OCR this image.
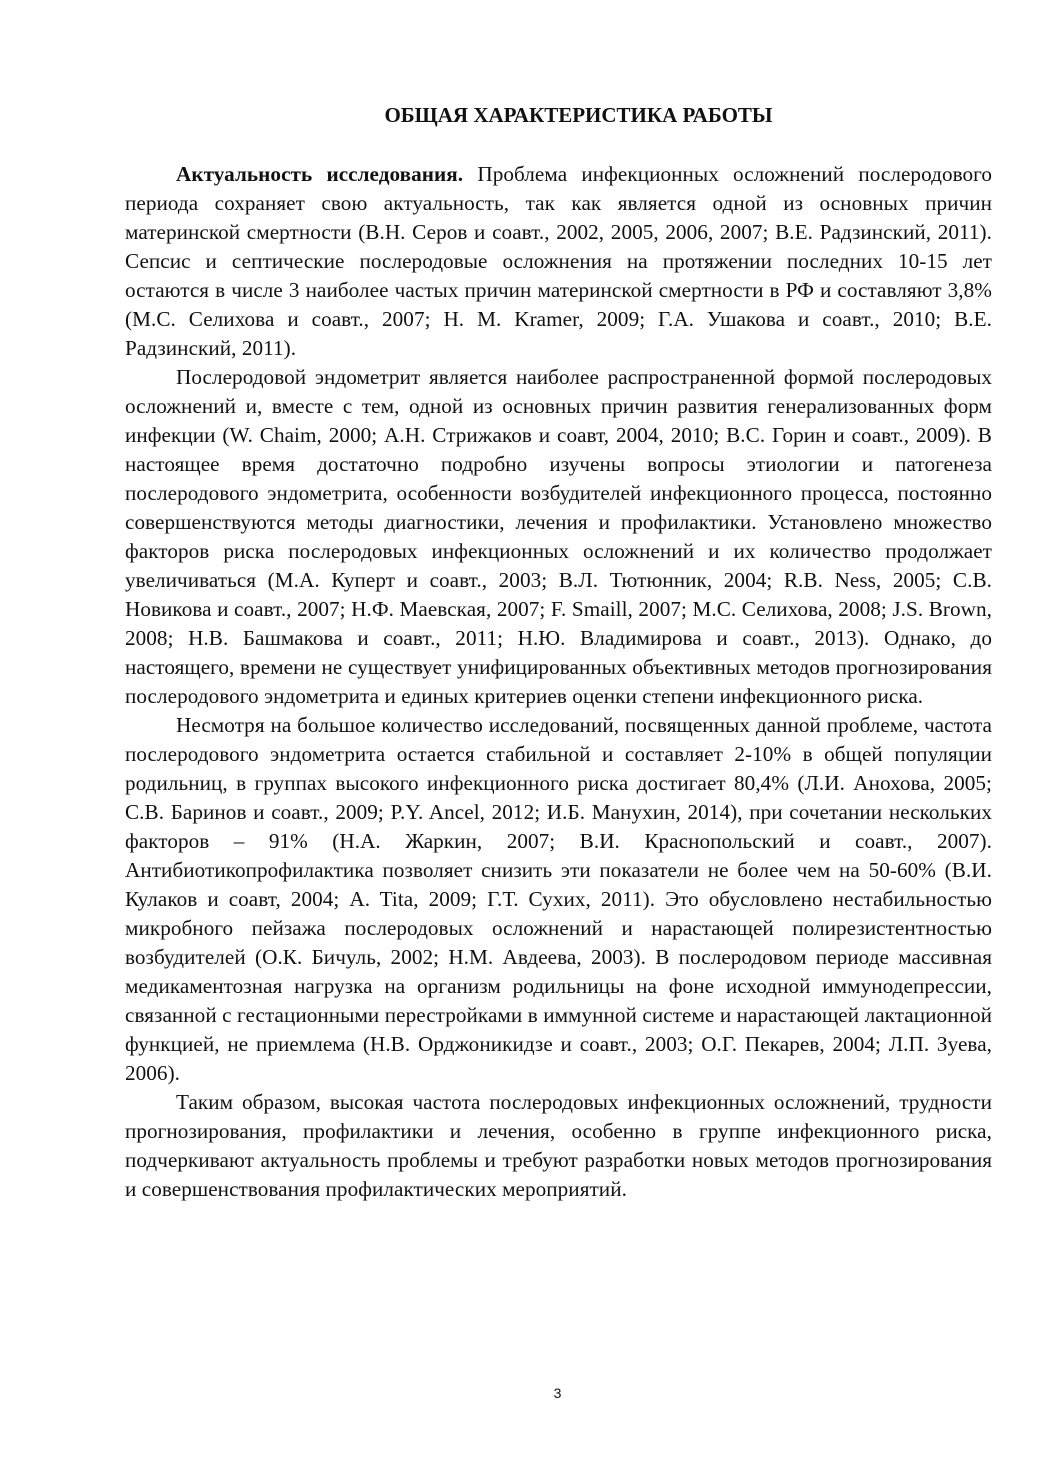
ОБЩАЯ ХАРАКТЕРИСТИКА РАБОТЫ

Актуальность исследования. Проблема инфекционных осложнений послеродового периода сохраняет свою актуальность, так как является одной из основных причин материнской смертности (В.Н. Серов и соавт., 2002, 2005, 2006, 2007; В.Е. Радзинский, 2011). Сепсис и септические послеродовые осложнения на протяжении последних 10-15 лет остаются в числе 3 наиболее частых причин материнской смертности в РФ и составляют 3,8% (М.С. Селихова и соавт., 2007; H. M. Kramer, 2009; Г.А. Ушакова и соавт., 2010; В.Е. Радзинский, 2011).

Послеродовой эндометрит является наиболее распространенной формой послеродовых осложнений и, вместе с тем, одной из основных причин развития генерализованных форм инфекции (W. Chaim, 2000; А.Н. Стрижаков и соавт, 2004, 2010; В.С. Горин и соавт., 2009). В настоящее время достаточно подробно изучены вопросы этиологии и патогенеза послеродового эндометрита, особенности возбудителей инфекционного процесса, постоянно совершенствуются методы диагностики, лечения и профилактики. Установлено множество факторов риска послеродовых инфекционных осложнений и их количество продолжает увеличиваться (М.А. Куперт и соавт., 2003; В.Л. Тютюнник, 2004; R.B. Ness, 2005; С.В. Новикова и соавт., 2007; Н.Ф. Маевская, 2007; F. Smaill, 2007; М.С. Селихова, 2008; J.S. Brown, 2008; Н.В. Башмакова и соавт., 2011; Н.Ю. Владимирова и соавт., 2013). Однако, до настоящего, времени не существует унифицированных объективных методов прогнозирования послеродового эндометрита и единых критериев оценки степени инфекционного риска.

Несмотря на большое количество исследований, посвященных данной проблеме, частота послеродового эндометрита остается стабильной и составляет 2-10% в общей популяции родильниц, в группах высокого инфекционного риска достигает 80,4% (Л.И. Анохова, 2005; С.В. Баринов и соавт., 2009; P.Y. Ancel, 2012; И.Б. Манухин, 2014), при сочетании нескольких факторов – 91% (Н.А. Жаркин, 2007; В.И. Краснопольский и соавт., 2007). Антибиотикопрофилактика позволяет снизить эти показатели не более чем на 50-60% (В.И. Кулаков и соавт, 2004; A. Tita, 2009; Г.Т. Сухих, 2011). Это обусловлено нестабильностью микробного пейзажа послеродовых осложнений и нарастающей полирезистентностью возбудителей (О.К. Бичуль, 2002; Н.М. Авдеева, 2003). В послеродовом периоде массивная медикаментозная нагрузка на организм родильницы на фоне исходной иммунодепрессии, связанной с гестационными перестройками в иммунной системе и нарастающей лактационной функцией, не приемлема (Н.В. Орджоникидзе и соавт., 2003; О.Г. Пекарев, 2004; Л.П. Зуева, 2006).

Таким образом, высокая частота послеродовых инфекционных осложнений, трудности прогнозирования, профилактики и лечения, особенно в группе инфекционного риска, подчеркивают актуальность проблемы и требуют разработки новых методов прогнозирования и совершенствования профилактических мероприятий.

3
